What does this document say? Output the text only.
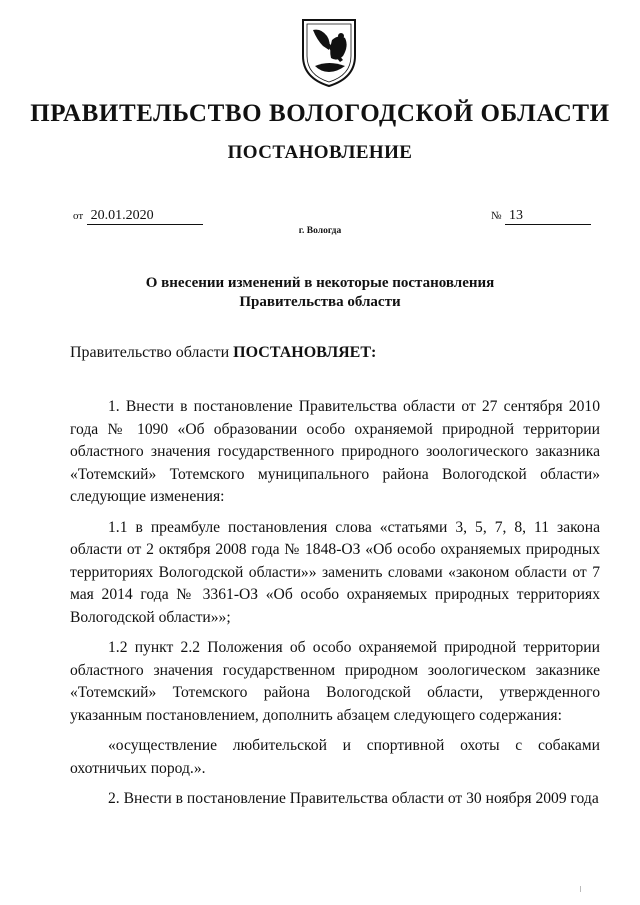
ПРАВИТЕЛЬСТВО ВОЛОГОДСКОЙ ОБЛАСТИ
ПОСТАНОВЛЕНИЕ
от 20.01.2020	№ 13
г. Вологда
О внесении изменений в некоторые постановления
Правительства области
Правительство области ПОСТАНОВЛЯЕТ:

1. Внести в постановление Правительства области от 27 сентября 2010 года № 1090 «Об образовании особо охраняемой природной территории областного значения государственного природного зоологического заказника «Тотемский» Тотемского муниципального района Вологодской области» следующие изменения:

1.1 в преамбуле постановления слова «статьями 3, 5, 7, 8, 11 закона области от 2 октября 2008 года № 1848-ОЗ «Об особо охраняемых природных территориях Вологодской области»» заменить словами «законом области от 7 мая 2014 года № 3361-ОЗ «Об особо охраняемых природных территориях Вологодской области»»;

1.2 пункт 2.2 Положения об особо охраняемой природной территории областного значения государственном природном зоологическом заказнике «Тотемский» Тотемского района Вологодской области, утвержденного указанным постановлением, дополнить абзацем следующего содержания:

«осуществление любительской и спортивной охоты с собаками охотничьих пород.».

2. Внести в постановление Правительства области от 30 ноября 2009 года
